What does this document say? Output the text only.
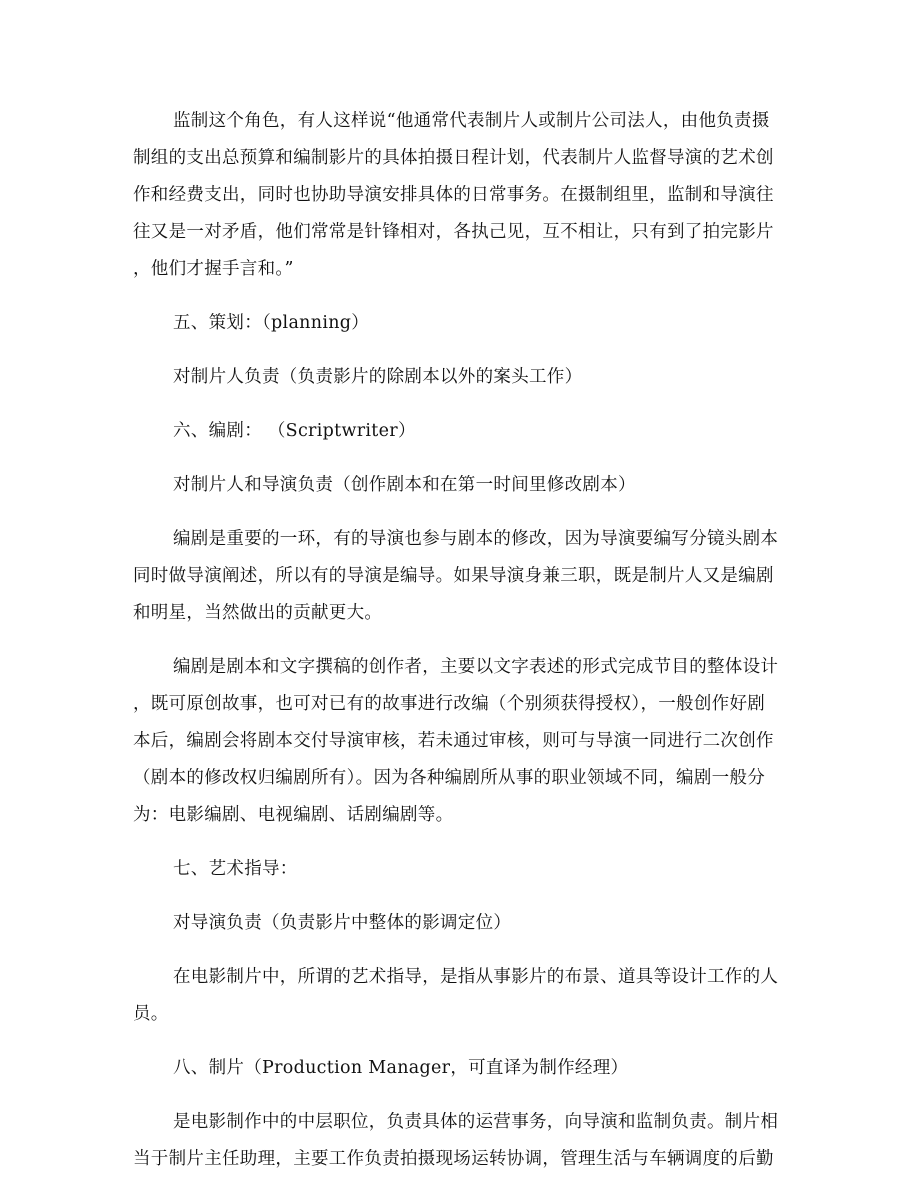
监制这个角色，有人这样说“他通常代表制片人或制片公司法人，由他负责摄
制组的支出总预算和编制影片的具体拍摄日程计划，代表制片人监督导演的艺术创
作和经费支出，同时也协助导演安排具体的日常事务。在摄制组里，监制和导演往
往又是一对矛盾，他们常常是针锋相对，各执己见，互不相让，只有到了拍完影片
，他们才握手言和。”
五、策划：（planning）
对制片人负责（负责影片的除剧本以外的案头工作）
六、编剧： （Scriptwriter）
对制片人和导演负责（创作剧本和在第一时间里修改剧本）
编剧是重要的一环，有的导演也参与剧本的修改，因为导演要编写分镜头剧本
同时做导演阐述，所以有的导演是编导。如果导演身兼三职，既是制片人又是编剧
和明星，当然做出的贡献更大。
编剧是剧本和文字撰稿的创作者，主要以文字表述的形式完成节目的整体设计
，既可原创故事，也可对已有的故事进行改编（个别须获得授权），一般创作好剧
本后，编剧会将剧本交付导演审核，若未通过审核，则可与导演一同进行二次创作
（剧本的修改权归编剧所有）。因为各种编剧所从事的职业领域不同，编剧一般分
为：电影编剧、电视编剧、话剧编剧等。
七、艺术指导：
对导演负责（负责影片中整体的影调定位）
在电影制片中，所谓的艺术指导，是指从事影片的布景、道具等设计工作的人
员。
八、制片（Production Manager，可直译为制作经理）
是电影制作中的中层职位，负责具体的运营事务，向导演和监制负责。制片相
当于制片主任助理，主要工作负责拍摄现场运转协调，管理生活与车辆调度的后勤
